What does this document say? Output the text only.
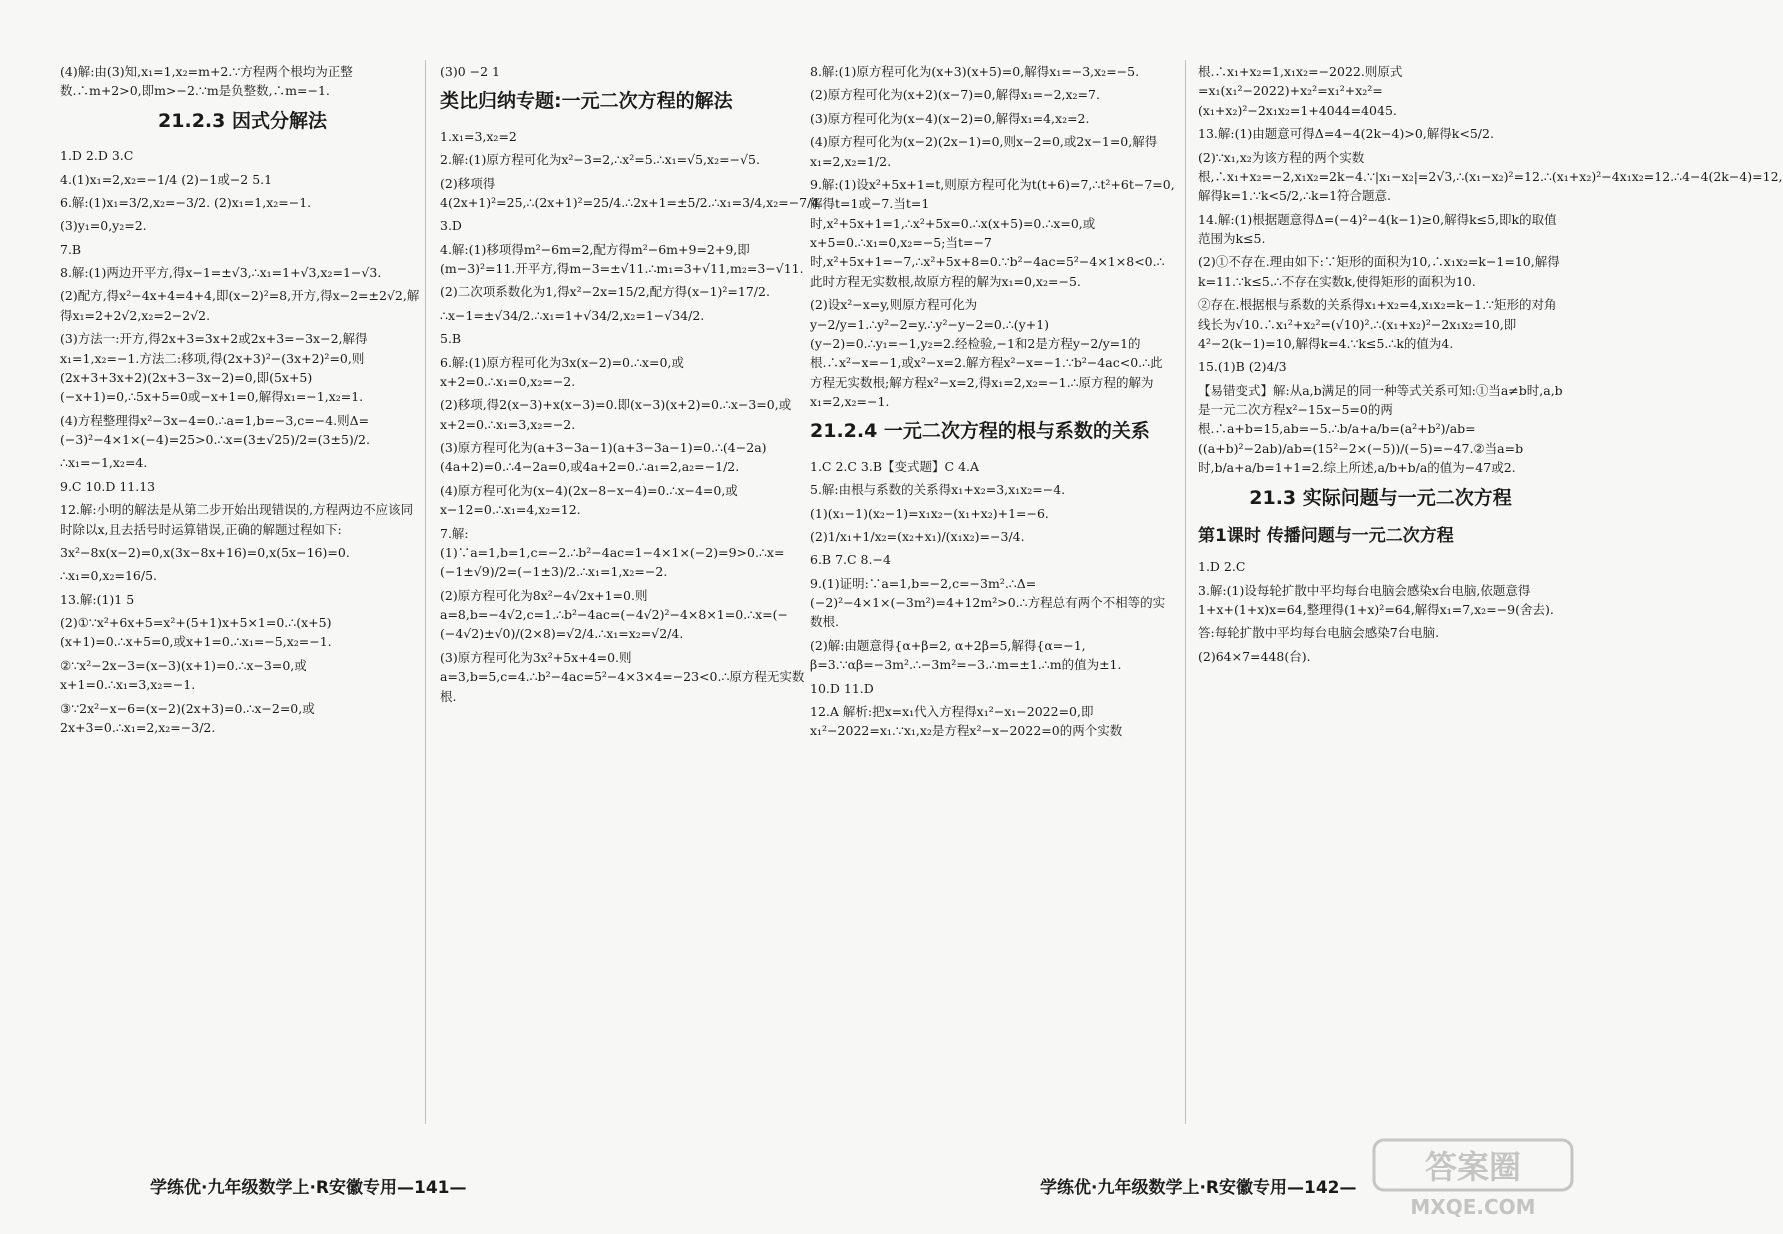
(4)解:由(3)知,x₁=1,x₂=m+2.∵方程两个根均为正整数.∴m+2>0,即m>−2.∵m是负整数,∴m=−1.
21.2.3 因式分解法
1.D 2.D 3.C
4.(1)x₁=2,x₂=−1/4 (2)−1或−2 5.1
6.解:(1)x₁=3/2,x₂=−3/2. (2)x₁=1,x₂=−1.
(3)y₁=0,y₂=2.
7.B
8.解:(1)两边开平方,得x−1=±√3,∴x₁=1+√3,x₂=1−√3.
(2)配方,得x²−4x+4=4+4,即(x−2)²=8,开方,得x−2=±2√2,解得x₁=2+2√2,x₂=2−2√2.
(3)方法一:开方,得2x+3=3x+2或2x+3=−3x−2,解得x₁=1,x₂=−1.方法二:移项,得(2x+3)²−(3x+2)²=0,则(2x+3+3x+2)(2x+3−3x−2)=0,即(5x+5)(−x+1)=0,∴5x+5=0或−x+1=0,解得x₁=−1,x₂=1.
(4)方程整理得x²−3x−4=0.∴a=1,b=−3,c=−4.则Δ=(−3)²−4×1×(−4)=25>0.∴x=(3±√25)/2=(3±5)/2.
∴x₁=−1,x₂=4.
9.C 10.D 11.13
12.解:小明的解法是从第二步开始出现错误的,方程两边不应该同时除以x,且去括号时运算错误,正确的解题过程如下:
3x²−8x(x−2)=0,x(3x−8x+16)=0,x(5x−16)=0.
∴x₁=0,x₂=16/5.
13.解:(1)1 5
(2)①∵x²+6x+5=x²+(5+1)x+5×1=0.∴(x+5)(x+1)=0.∴x+5=0,或x+1=0.∴x₁=−5,x₂=−1.
②∵x²−2x−3=(x−3)(x+1)=0.∴x−3=0,或x+1=0.∴x₁=3,x₂=−1.
③∵2x²−x−6=(x−2)(2x+3)=0.∴x−2=0,或2x+3=0.∴x₁=2,x₂=−3/2.
(3)0 −2 1
类比归纳专题:一元二次方程的解法
1.x₁=3,x₂=2
2.解:(1)原方程可化为x²−3=2,∴x²=5.∴x₁=√5,x₂=−√5.
(2)移项得4(2x+1)²=25,∴(2x+1)²=25/4.∴2x+1=±5/2.∴x₁=3/4,x₂=−7/4.
3.D
4.解:(1)移项得m²−6m=2,配方得m²−6m+9=2+9,即(m−3)²=11.开平方,得m−3=±√11.∴m₁=3+√11,m₂=3−√11.
(2)二次项系数化为1,得x²−2x=15/2,配方得(x−1)²=17/2.
∴x−1=±√34/2.∴x₁=1+√34/2,x₂=1−√34/2.
5.B
6.解:(1)原方程可化为3x(x−2)=0.∴x=0,或x+2=0.∴x₁=0,x₂=−2.
(2)移项,得2(x−3)+x(x−3)=0.即(x−3)(x+2)=0.∴x−3=0,或x+2=0.∴x₁=3,x₂=−2.
(3)原方程可化为(a+3−3a−1)(a+3−3a−1)=0.∴(4−2a)(4a+2)=0.∴4−2a=0,或4a+2=0.∴a₁=2,a₂=−1/2.
(4)原方程可化为(x−4)(2x−8−x−4)=0.∴x−4=0,或x−12=0.∴x₁=4,x₂=12.
7.解:(1)∵a=1,b=1,c=−2.∴b²−4ac=1−4×1×(−2)=9>0.∴x=(−1±√9)/2=(−1±3)/2.∴x₁=1,x₂=−2.
(2)原方程可化为8x²−4√2x+1=0.则a=8,b=−4√2,c=1.∴b²−4ac=(−4√2)²−4×8×1=0.∴x=(−(−4√2)±√0)/(2×8)=√2/4.∴x₁=x₂=√2/4.
(3)原方程可化为3x²+5x+4=0.则a=3,b=5,c=4.∴b²−4ac=5²−4×3×4=−23<0.∴原方程无实数根.
学练优·九年级数学上·R安徽专用—141—
8.解:(1)原方程可化为(x+3)(x+5)=0,解得x₁=−3,x₂=−5.
(2)原方程可化为(x+2)(x−7)=0,解得x₁=−2,x₂=7.
(3)原方程可化为(x−4)(x−2)=0,解得x₁=4,x₂=2.
(4)原方程可化为(x−2)(2x−1)=0,则x−2=0,或2x−1=0,解得x₁=2,x₂=1/2.
9.解:(1)设x²+5x+1=t,则原方程可化为t(t+6)=7,∴t²+6t−7=0,解得t=1或−7.当t=1时,x²+5x+1=1,∴x²+5x=0.∴x(x+5)=0.∴x=0,或x+5=0.∴x₁=0,x₂=−5;当t=−7时,x²+5x+1=−7,∴x²+5x+8=0.∵b²−4ac=5²−4×1×8<0.∴此时方程无实数根,故原方程的解为x₁=0,x₂=−5.
(2)设x²−x=y,则原方程可化为y−2/y=1.∴y²−2=y.∴y²−y−2=0.∴(y+1)(y−2)=0.∴y₁=−1,y₂=2.经检验,−1和2是方程y−2/y=1的根.∴x²−x=−1,或x²−x=2.解方程x²−x=−1.∵b²−4ac<0.∴此方程无实数根;解方程x²−x=2,得x₁=2,x₂=−1.∴原方程的解为x₁=2,x₂=−1.
21.2.4 一元二次方程的根与系数的关系
1.C 2.C 3.B【变式题】C 4.A
5.解:由根与系数的关系得x₁+x₂=3,x₁x₂=−4.
(1)(x₁−1)(x₂−1)=x₁x₂−(x₁+x₂)+1=−6.
(2)1/x₁+1/x₂=(x₂+x₁)/(x₁x₂)=−3/4.
6.B 7.C 8.−4
9.(1)证明:∵a=1,b=−2,c=−3m².∴Δ=(−2)²−4×1×(−3m²)=4+12m²>0.∴方程总有两个不相等的实数根.
(2)解:由题意得{α+β=2, α+2β=5,解得{α=−1, β=3.∵αβ=−3m².∴−3m²=−3.∴m=±1.∴m的值为±1.
10.D 11.D
12.A 解析:把x=x₁代入方程得x₁²−x₁−2022=0,即x₁²−2022=x₁.∵x₁,x₂是方程x²−x−2022=0的两个实数
根.∴x₁+x₂=1,x₁x₂=−2022.则原式=x₁(x₁²−2022)+x₂²=x₁²+x₂²=(x₁+x₂)²−2x₁x₂=1+4044=4045.
13.解:(1)由题意可得Δ=4−4(2k−4)>0,解得k<5/2.
(2)∵x₁,x₂为该方程的两个实数根,∴x₁+x₂=−2,x₁x₂=2k−4.∵|x₁−x₂|=2√3,∴(x₁−x₂)²=12.∴(x₁+x₂)²−4x₁x₂=12.∴4−4(2k−4)=12,解得k=1.∵k<5/2,∴k=1符合题意.
14.解:(1)根据题意得Δ=(−4)²−4(k−1)≥0,解得k≤5,即k的取值范围为k≤5.
(2)①不存在.理由如下:∵矩形的面积为10,∴x₁x₂=k−1=10,解得k=11.∵k≤5.∴不存在实数k,使得矩形的面积为10.
②存在.根据根与系数的关系得x₁+x₂=4,x₁x₂=k−1.∵矩形的对角线长为√10.∴x₁²+x₂²=(√10)².∴(x₁+x₂)²−2x₁x₂=10,即4²−2(k−1)=10,解得k=4.∵k≤5.∴k的值为4.
15.(1)B (2)4/3
【易错变式】解:从a,b满足的同一种等式关系可知:①当a≠b时,a,b是一元二次方程x²−15x−5=0的两根.∴a+b=15,ab=−5.∴b/a+a/b=(a²+b²)/ab=((a+b)²−2ab)/ab=(15²−2×(−5))/(−5)=−47.②当a=b时,b/a+a/b=1+1=2.综上所述,a/b+b/a的值为−47或2.
21.3 实际问题与一元二次方程
第1课时 传播问题与一元二次方程
1.D 2.C
3.解:(1)设每轮扩散中平均每台电脑会感染x台电脑,依题意得1+x+(1+x)x=64,整理得(1+x)²=64,解得x₁=7,x₂=−9(舍去).
答:每轮扩散中平均每台电脑会感染7台电脑.
(2)64×7=448(台).
学练优·九年级数学上·R安徽专用—142—
答案圈
MXQE.COM
